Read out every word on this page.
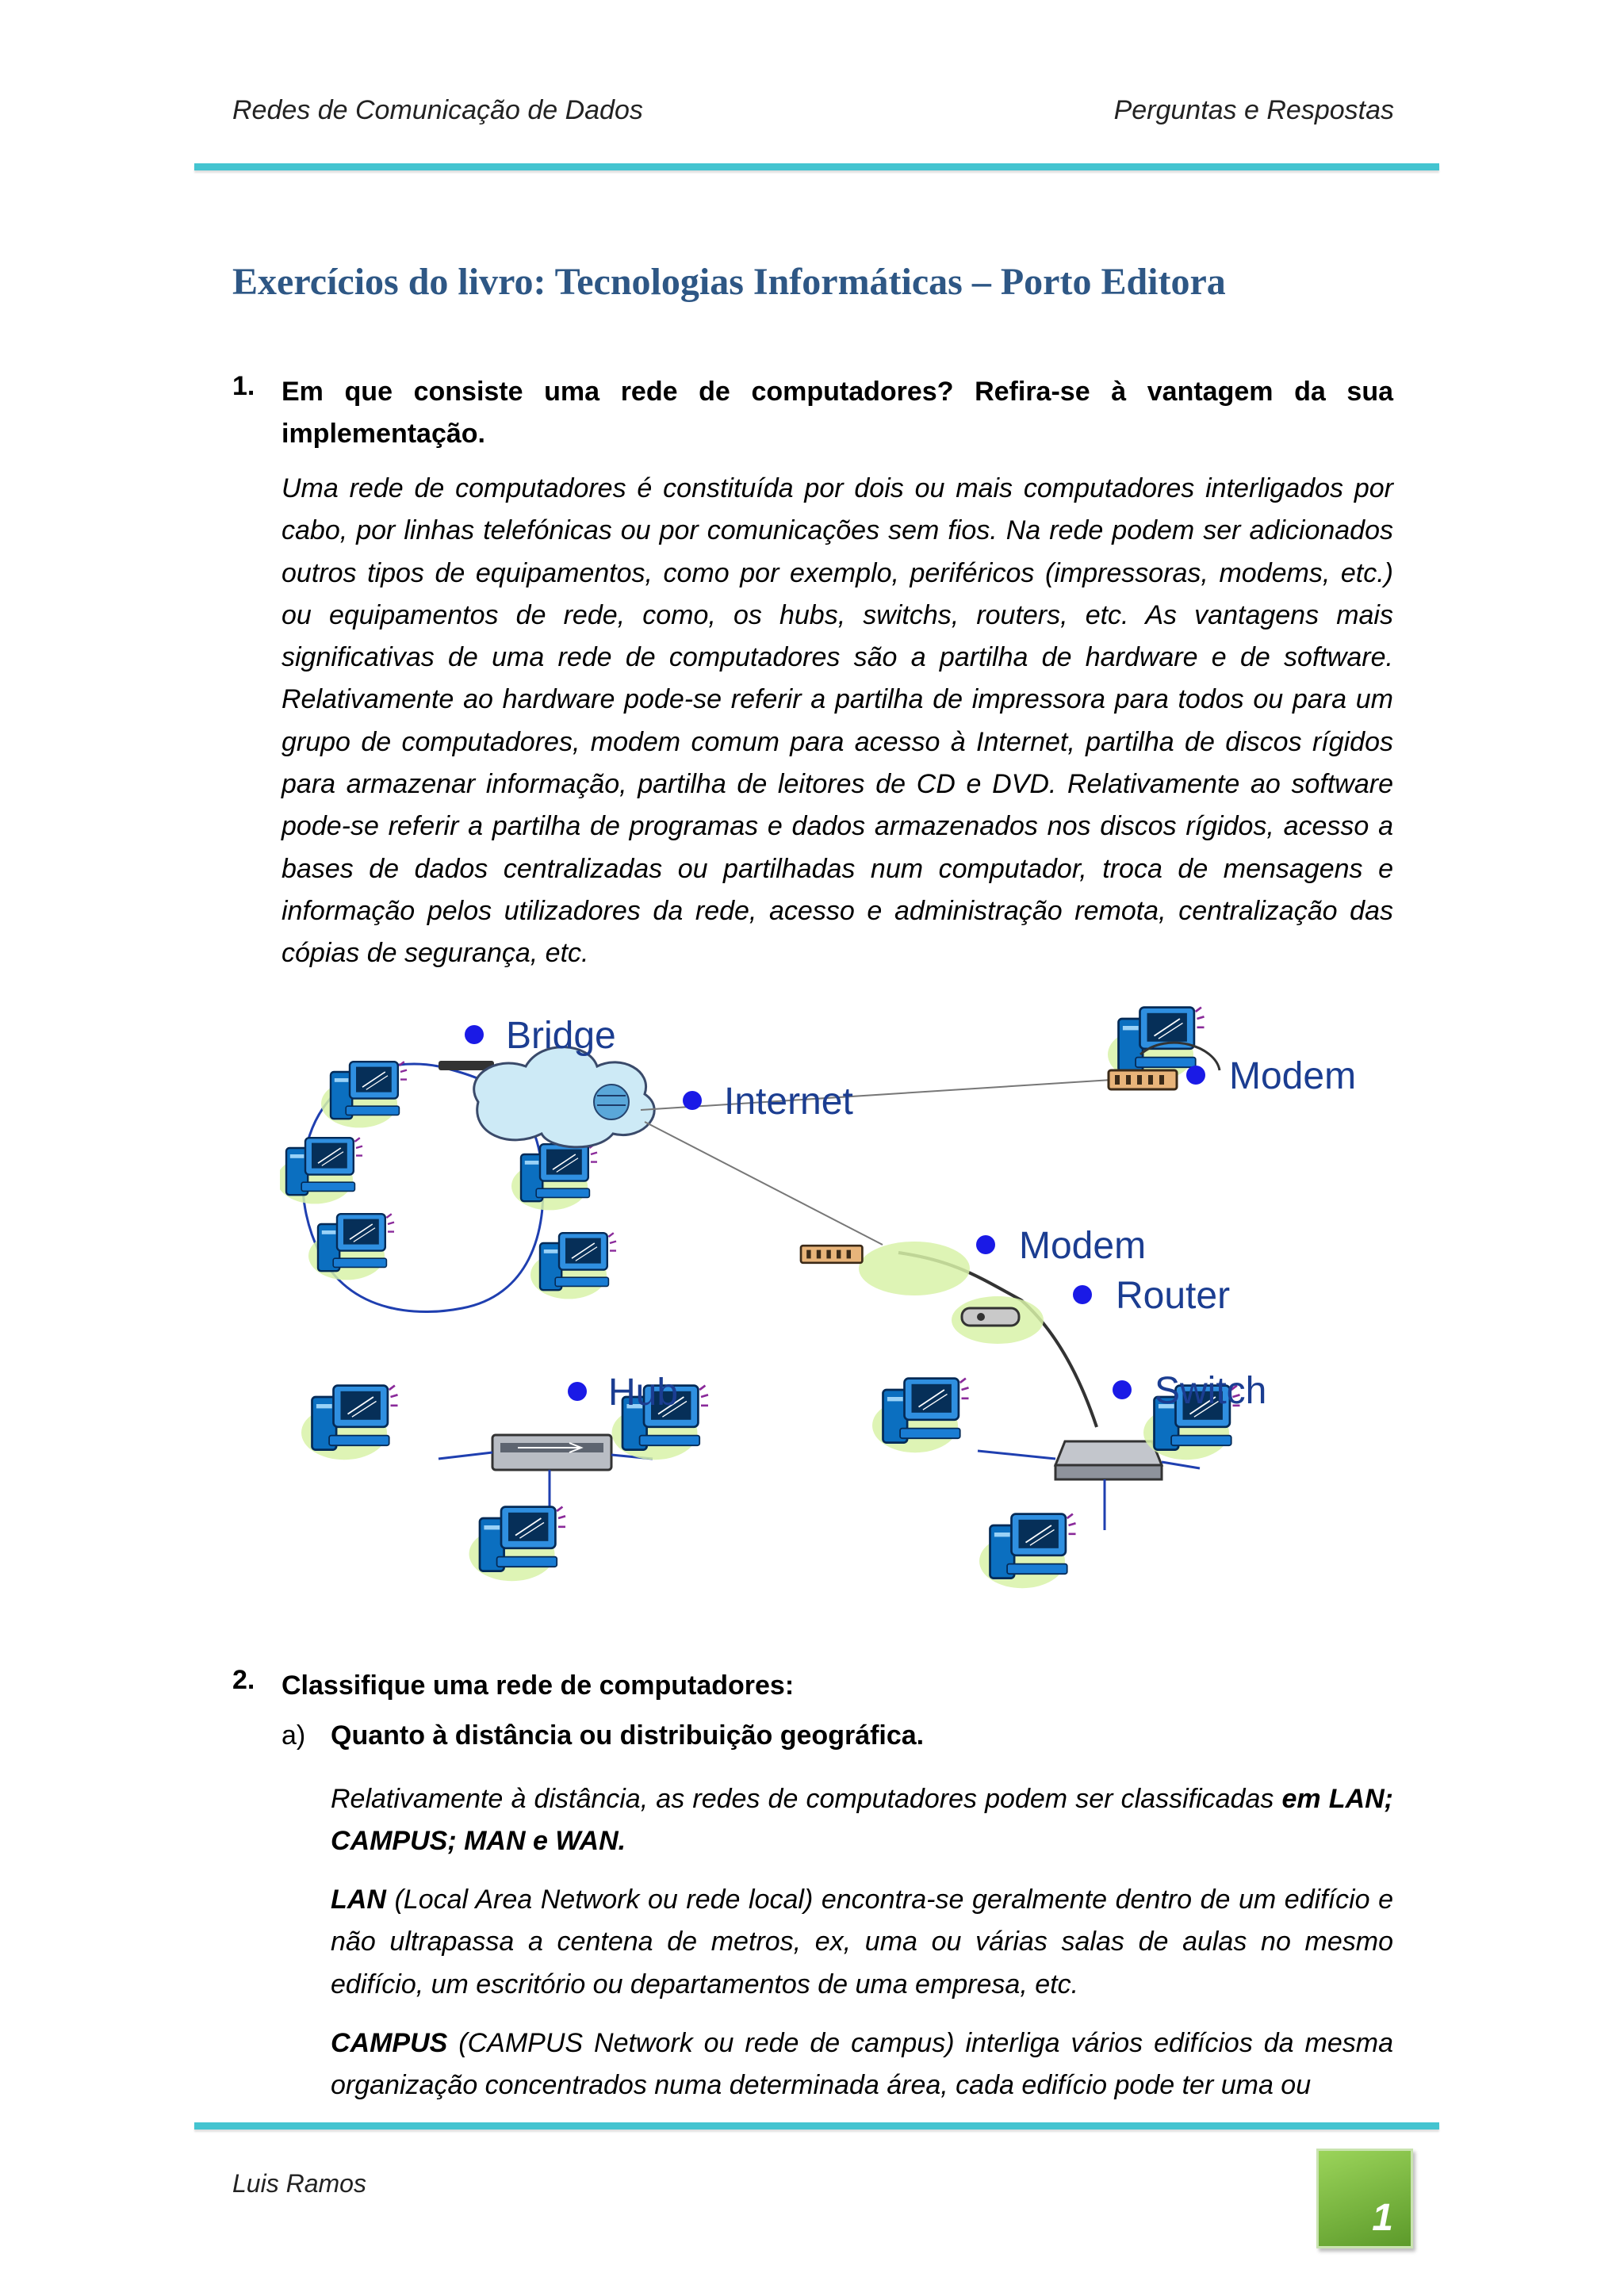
Redes de Comunicação de Dados	Perguntas e Respostas
Exercícios do livro: Tecnologias Informáticas – Porto Editora
1. Em que consiste uma rede de computadores? Refira-se à vantagem da sua
implementação.
Uma rede de computadores é constituída por dois ou mais computadores interligados por cabo, por linhas telefónicas ou por comunicações sem fios. Na rede podem ser adicionados outros tipos de equipamentos, como por exemplo, periféricos (impressoras, modems, etc.) ou equipamentos de rede, como, os hubs, switchs, routers, etc. As vantagens mais significativas de uma rede de computadores são a partilha de hardware e de software. Relativamente ao hardware pode-se referir a partilha de impressora para todos ou para um grupo de computadores, modem comum para acesso à Internet, partilha de discos rígidos para armazenar informação, partilha de leitores de CD e DVD. Relativamente ao software pode-se referir a partilha de programas e dados armazenados nos discos rígidos, acesso a bases de dados centralizadas ou partilhadas num computador, troca de mensagens e informação pelos utilizadores da rede, acesso e administração remota, centralização das cópias de segurança, etc.
Bridge
Internet
Modem
Modem
Router
Hub	Switch
2. Classifique uma rede de computadores:
a) Quanto à distância ou distribuição geográfica.
Relativamente à distância, as redes de computadores podem ser classificadas em LAN; CAMPUS; MAN e WAN.
LAN (Local Area Network ou rede local) encontra-se geralmente dentro de um edifício e não ultrapassa a centena de metros, ex, uma ou várias salas de aulas no mesmo edifício, um escritório ou departamentos de uma empresa, etc.
CAMPUS (CAMPUS Network ou rede de campus) interliga vários edifícios da mesma organização concentrados numa determinada área, cada edifício pode ter uma ou
Luis Ramos
1
